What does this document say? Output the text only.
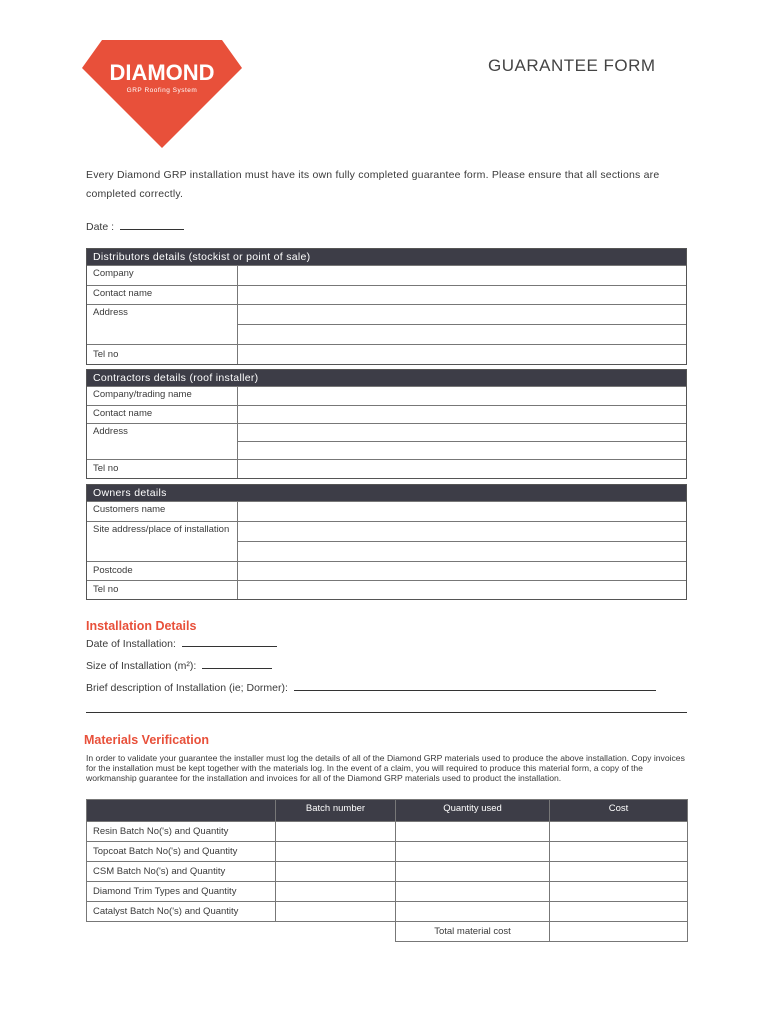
DIAMOND
GRP Roofing System
GUARANTEE FORM
Every Diamond GRP installation must have its own fully completed guarantee form. Please ensure that all sections are completed correctly.
Date :
Distributors details (stockist or point of sale)
Company
Contact name
Address
Tel no
Contractors details (roof installer)
Company/trading name
Contact name
Address
Tel no
Owners details
Customers name
Site address/place of installation
Postcode
Tel no
Installation Details
Date of Installation:
Size of Installation (m²):
Brief description of Installation (ie; Dormer):
Materials Verification
In order to validate your guarantee the installer must log the details of all of the Diamond GRP materials used to produce the above installation. Copy invoices for the installation must be kept together with the materials log. In the event of a claim, you will required to produce this material form, a copy of the workmanship guarantee for the installation and invoices for all of the Diamond GRP materials used to product the installation.
	Batch number	Quantity used	Cost
Resin Batch No('s) and Quantity			
Topcoat Batch No('s) and Quantity			
CSM Batch No('s) and Quantity			
Diamond Trim Types and Quantity			
Catalyst Batch No('s) and Quantity			
		Total material cost	
